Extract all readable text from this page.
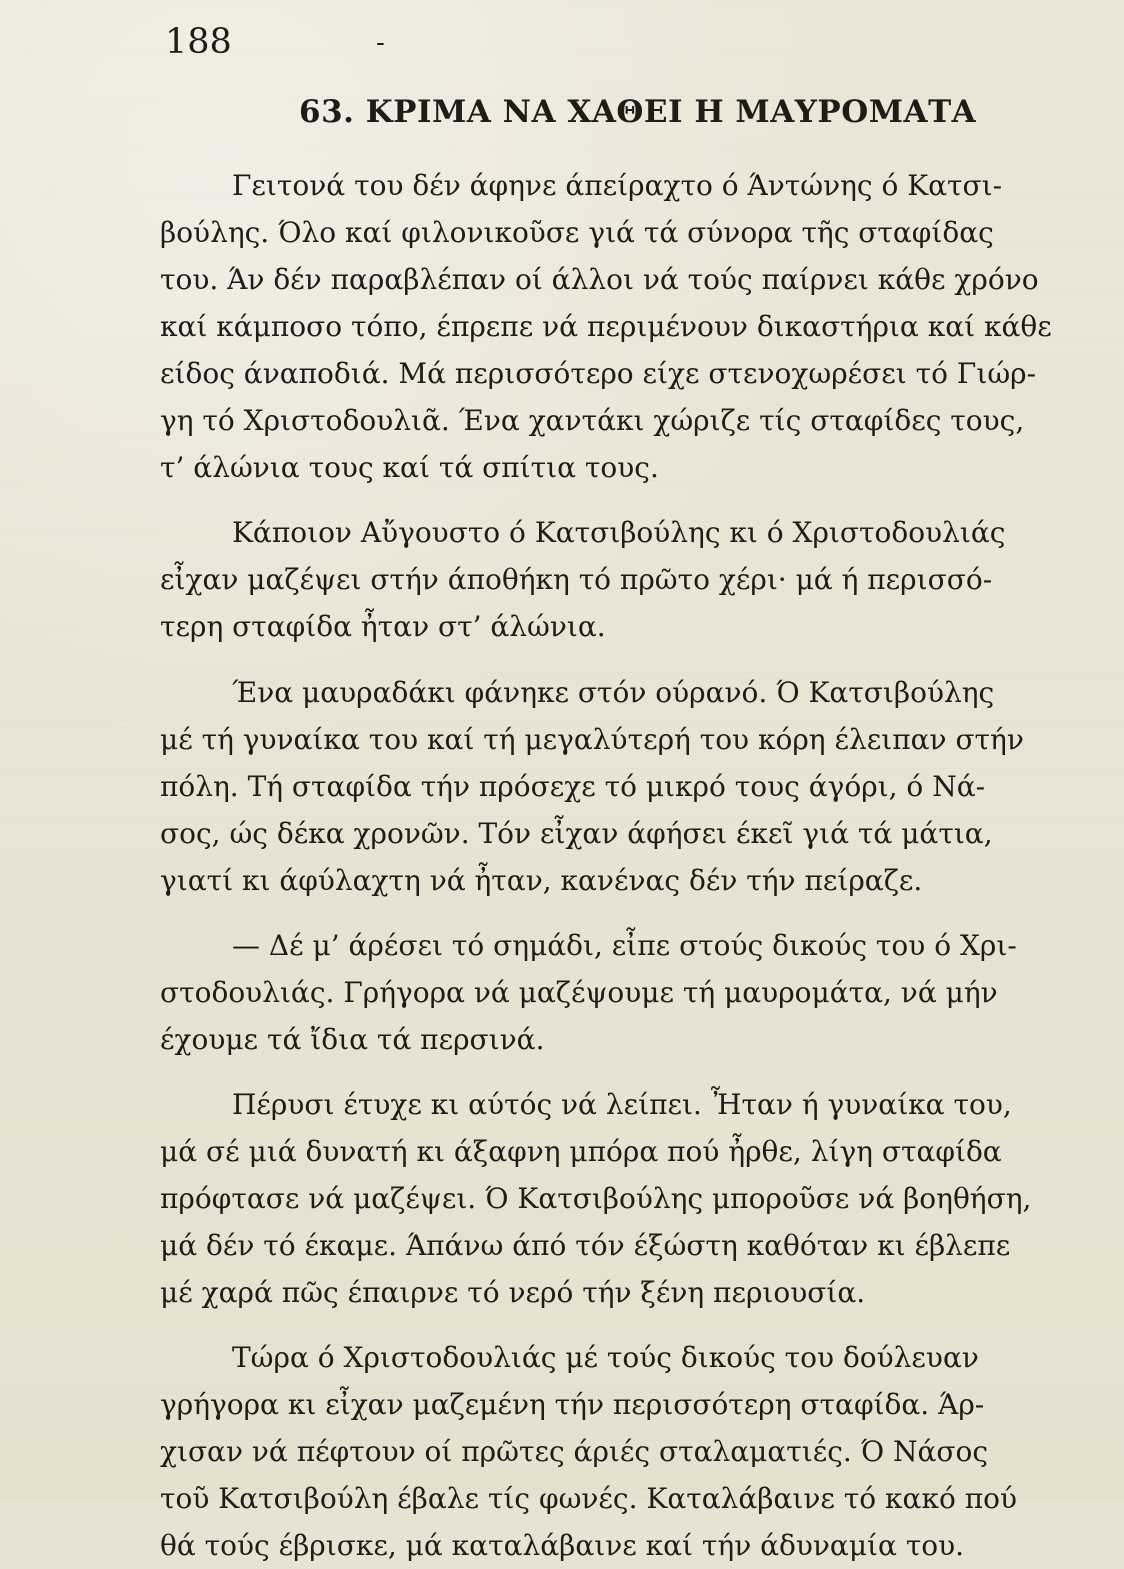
188	-
63. ΚΡΙΜΑ ΝΑ ΧΑΘΕΙ Η ΜΑΥΡΟΜΑΤΑ
Γειτονά του δέν άφηνε άπείραχτο ό Άντώνης ό Κατσι-
βούλης. Όλο καί φιλονικοῦσε γιά τά σύνορα τῆς σταφίδας
του. Άν δέν παραβλέπαν οί άλλοι νά τούς παίρνει κάθε χρόνο
καί κάμποσο τόπο, έπρεπε νά περιμένουν δικαστήρια καί κάθε
είδος άναποδιά. Μά περισσότερο είχε στενοχωρέσει τό Γιώρ-
γη τό Χριστοδουλιᾶ. Ένα χαντάκι χώριζε τίς σταφίδες τους,
τ’ άλώνια τους καί τά σπίτια τους.
Κάποιον Αὔγουστο ό Κατσιβούλης κι ό Χριστοδουλιάς
εἶχαν μαζέψει στήν άποθήκη τό πρῶτο χέρι· μά ή περισσό-
τερη σταφίδα ἦταν στ’ άλώνια.
Ένα μαυραδάκι φάνηκε στόν ούρανό. Ό Κατσιβούλης
μέ τή γυναίκα του καί τή μεγαλύτερή του κόρη έλειπαν στήν
πόλη. Τή σταφίδα τήν πρόσεχε τό μικρό τους άγόρι, ό Νά-
σος, ώς δέκα χρονῶν. Τόν εἶχαν άφήσει έκεῖ γιά τά μάτια,
γιατί κι άφύλαχτη νά ἦταν, κανένας δέν τήν πείραζε.
— Δέ μ’ άρέσει τό σημάδι, εἶπε στούς δικούς του ό Χρι-
στοδουλιάς. Γρήγορα νά μαζέψουμε τή μαυρομάτα, νά μήν
έχουμε τά ἴδια τά περσινά.
Πέρυσι έτυχε κι αύτός νά λείπει. Ἦταν ή γυναίκα του,
μά σέ μιά δυνατή κι άξαφνη μπόρα πού ἦρθε, λίγη σταφίδα
πρόφτασε νά μαζέψει. Ό Κατσιβούλης μποροῦσε νά βοηθήση,
μά δέν τό έκαμε. Άπάνω άπό τόν έξώστη καθόταν κι έβλεπε
μέ χαρά πῶς έπαιρνε τό νερό τήν ξένη περιουσία.
Τώρα ό Χριστοδουλιάς μέ τούς δικούς του δούλευαν
γρήγορα κι εἶχαν μαζεμένη τήν περισσότερη σταφίδα. Άρ-
χισαν νά πέφτουν οί πρῶτες άριές σταλαματιές. Ό Νάσος
τοῦ Κατσιβούλη έβαλε τίς φωνές. Καταλάβαινε τό κακό πού
θά τούς έβρισκε, μά καταλάβαινε καί τήν άδυναμία του.
